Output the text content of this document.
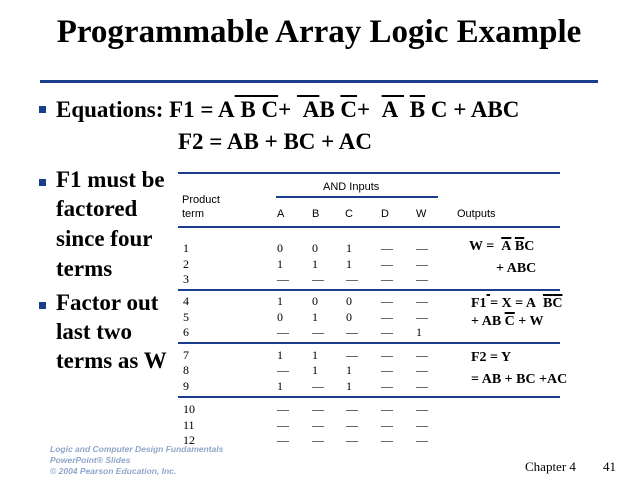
Programmable Array Logic Example
Equations: F1 = A B $\overline{C}+$  AB $\overline{C}+ A$  $\overline{B}$ C + ABC
F2 = AB + BC + AC
F1 must be
factored
since four
terms
Factor out
last two
terms as W
AND Inputs
Product
term	A	B C	D W	Outputs
1	0 0 1 — —
2	1 1 1 — —
3	— — — — —
4	1 0 0 — —
5	0 1 0 — —
6	— — — — 1
7	1 1 — — —
8	— 1 1 — —
9	1 — 1 — —
10	— — — — —
11	— — — — —
12	— — — — —
$W = \overline{A}$ $\overline{B}C$
+ ABC
F1 = X = A  $\overline{B}\overline{C}$
+ AB $\overline{C} + W$
F2 = Y
= AB + BC +AC
Logic and Computer Design Fundamentals
PowerPoint® Slides
© 2004 Pearson Education, Inc.	Chapter 4 41
